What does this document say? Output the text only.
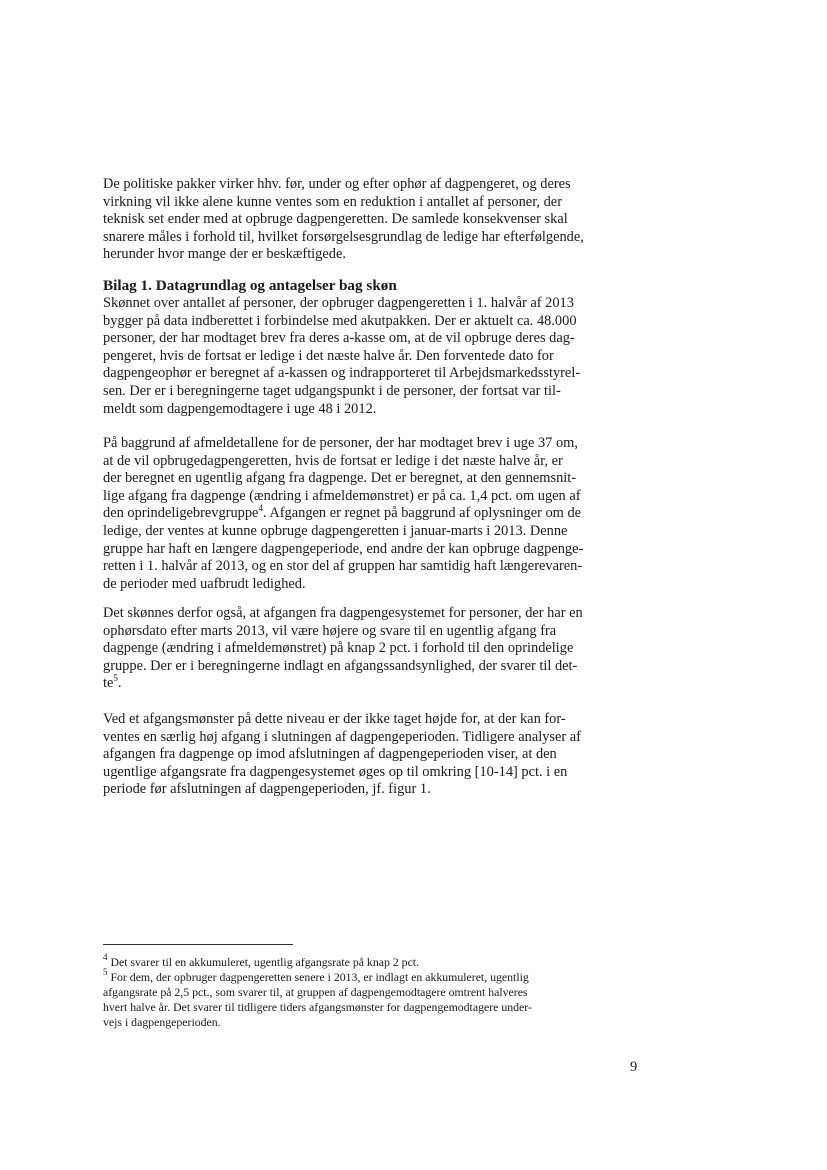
De politiske pakker virker hhv. før, under og efter ophør af dagpengeret, og deres
virkning vil ikke alene kunne ventes som en reduktion i antallet af personer, der
teknisk set ender med at opbruge dagpengeretten. De samlede konsekvenser skal
snarere måles i forhold til, hvilket forsørgelsesgrundlag de ledige har efterfølgende,
herunder hvor mange der er beskæftigede.

Bilag 1. Datagrundlag og antagelser bag skøn

Skønnet over antallet af personer, der opbruger dagpengeretten i 1. halvår af 2013
bygger på data indberettet i forbindelse med akutpakken. Der er aktuelt ca. 48.000
personer, der har modtaget brev fra deres a-kasse om, at de vil opbruge deres dag-
pengeret, hvis de fortsat er ledige i det næste halve år. Den forventede dato for
dagpengeophør er beregnet af a-kassen og indrapporteret til Arbejdsmarkedsstyrel-
sen. Der er i beregningerne taget udgangspunkt i de personer, der fortsat var til-
meldt som dagpengemodtagere i uge 48 i 2012.

På baggrund af afmeldetallene for de personer, der har modtaget brev i uge 37 om,
at de vil opbrugedagpengeretten, hvis de fortsat er ledige i det næste halve år, er
der beregnet en ugentlig afgang fra dagpenge. Det er beregnet, at den gennemsnit-
lige afgang fra dagpenge (ændring i afmeldemønstret) er på ca. 1,4 pct. om ugen af
den oprindeligebrevgruppe$^4$. Afgangen er regnet på baggrund af oplysninger om de
ledige, der ventes at kunne opbruge dagpengeretten i januar-marts i 2013. Denne
gruppe har haft en længere dagpengeperiode, end andre der kan opbruge dagpenge-
retten i 1. halvår af 2013, og en stor del af gruppen har samtidig haft længerevaren-
de perioder med uafbrudt ledighed.

Det skønnes derfor også, at afgangen fra dagpengesystemet for personer, der har en
ophørsdato efter marts 2013, vil være højere og svare til en ugentlig afgang fra
dagpenge (ændring i afmeldemønstret) på knap 2 pct. i forhold til den oprindelige
gruppe. Der er i beregningerne indlagt en afgangssandsynlighed, der svarer til det-
$te^5$.

Ved et afgangsmønster på dette niveau er der ikke taget højde for, at der kan for-
ventes en særlig høj afgang i slutningen af dagpengeperioden. Tidligere analyser af
afgangen fra dagpenge op imod afslutningen af dagpengeperioden viser, at den
ugentlige afgangsrate fra dagpengesystemet øges op til omkring [10-14] pct. i en
periode før afslutningen af dagpengeperioden, jf. figur 1.

$^4$ Det svarer til en akkumuleret, ugentlig afgangsrate på knap 2 pct.
$^5$ For dem, der opbruger dagpengeretten senere i 2013, er indlagt en akkumuleret, ugentlig
afgangsrate på 2,5 pct., som svarer til, at gruppen af dagpengemodtagere omtrent halveres
hvert halve år. Det svarer til tidligere tiders afgangsmønster for dagpengemodtagere under-
vejs i dagpengeperioden.
9
